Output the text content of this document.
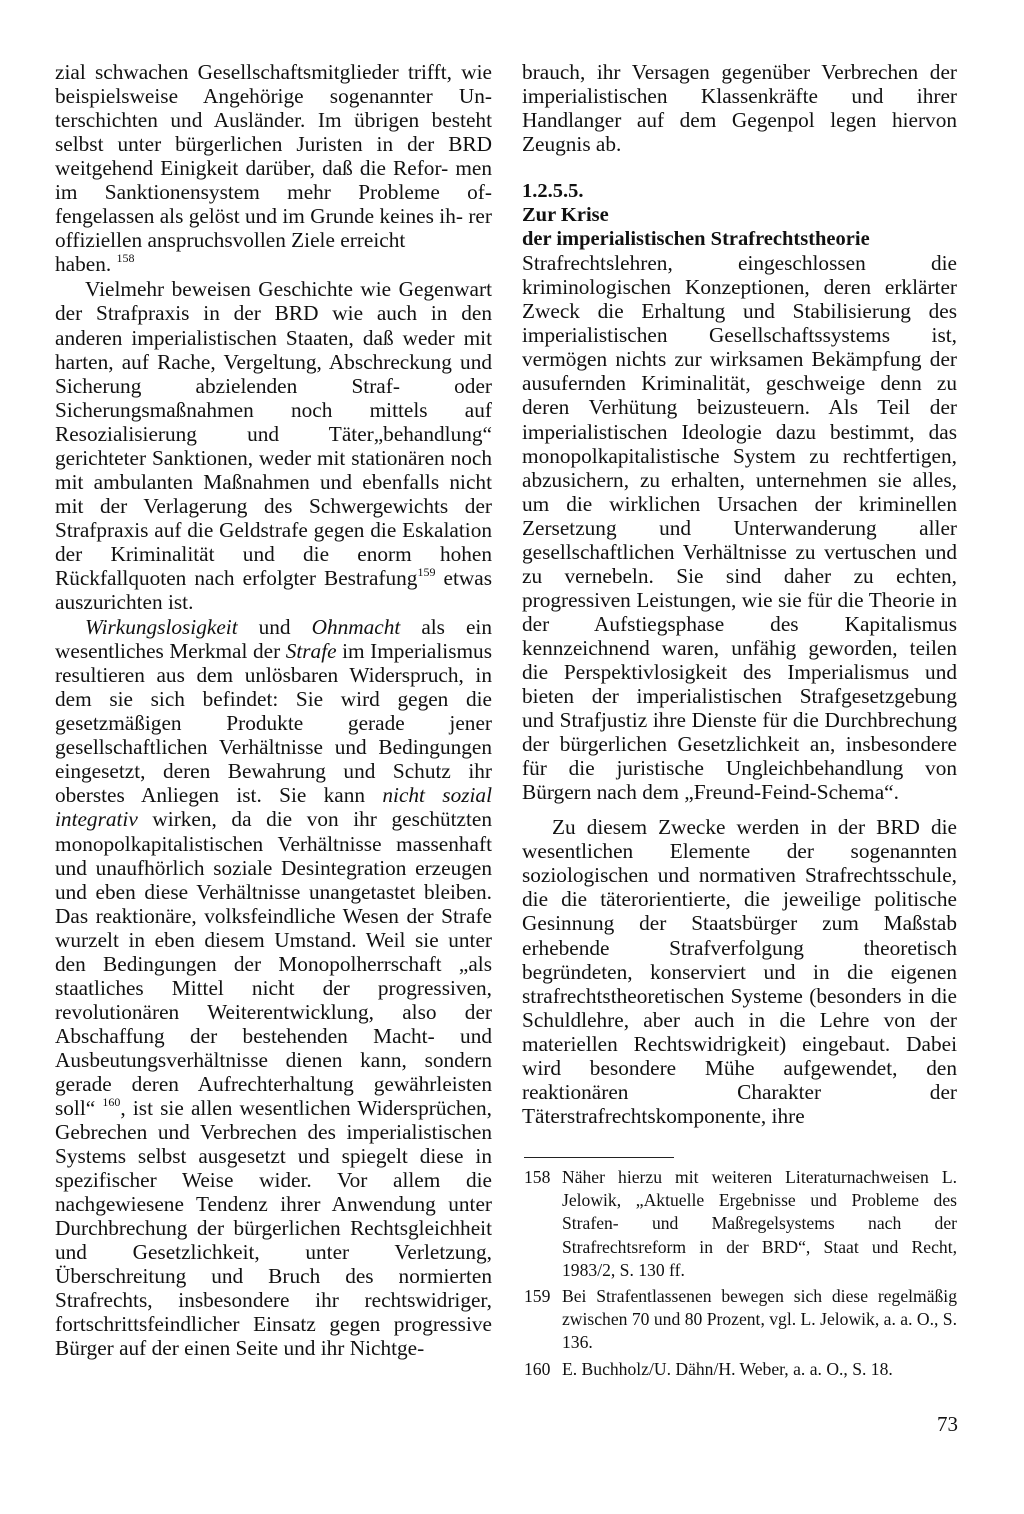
zial schwachen Gesellschaftsmitglieder trifft, wie beispielsweise Angehörige sogenannter Un- terschichten und Ausländer. Im übrigen besteht selbst unter bürgerlichen Juristen in der BRD weitgehend Einigkeit darüber, daß die Refor- men im Sanktionensystem mehr Probleme of- fengelassen als gelöst und im Grunde keines ih- rer offiziellen anspruchsvollen Ziele erreicht
haben. $^{158}$

Vielmehr beweisen Geschichte wie Gegenwart der Strafpraxis in der BRD wie auch in den anderen imperialistischen Staaten, daß weder mit harten, auf Rache, Vergeltung, Abschreckung und Sicherung abzielenden Straf- oder Sicherungsmaßnahmen noch mittels auf Resozialisierung und Täter„behandlung“ gerichteter Sanktionen, weder mit stationären noch mit ambulanten Maßnahmen und ebenfalls nicht mit der Verlagerung des Schwergewichts der Strafpraxis auf die Geldstrafe gegen die Eskalation der Kriminalität und die enorm hohen Rückfallquoten nach erfolgter Bestrafung$^{159}$ etwas auszurichten ist.

Wirkungslosigkeit und Ohnmacht als ein wesentliches Merkmal der Strafe im Imperialismus resultieren aus dem unlösbaren Widerspruch, in dem sie sich befindet: Sie wird gegen die gesetzmäßigen Produkte gerade jener gesellschaftlichen Verhältnisse und Bedingungen eingesetzt, deren Bewahrung und Schutz ihr oberstes Anliegen ist. Sie kann nicht sozial integrativ wirken, da die von ihr geschützten monopolkapitalistischen Verhältnisse massenhaft und unaufhörlich soziale Desintegration erzeugen und eben diese Verhältnisse unangetastet bleiben. Das reaktionäre, volksfeindliche Wesen der Strafe wurzelt in eben diesem Umstand. Weil sie unter den Bedingungen der Monopolherrschaft „als staatliches Mittel nicht der progressiven, revolutionären Weiterentwicklung, also der Abschaffung der bestehenden Macht- und Ausbeutungsverhältnisse dienen kann, sondern gerade deren Aufrechterhaltung gewährleisten soll“ $^{160}$, ist sie allen wesentlichen Widersprüchen, Gebrechen und Verbrechen des imperialistischen Systems selbst ausgesetzt und spiegelt diese in spezifischer Weise wider. Vor allem die nachgewiesene Tendenz ihrer Anwendung unter Durchbrechung der bürgerlichen Rechtsgleichheit und Gesetzlichkeit, unter Verletzung, Überschreitung und Bruch des normierten Strafrechts, insbesondere ihr rechtswidriger, fortschrittsfeindlicher Einsatz gegen progressive Bürger auf der einen Seite und ihr Nichtge-

brauch, ihr Versagen gegenüber Verbrechen der imperialistischen Klassenkräfte und ihrer Handlanger auf dem Gegenpol legen hiervon Zeugnis ab.

1.2.5.5.
Zur Krise
der imperialistischen Strafrechtstheorie

Strafrechtslehren, eingeschlossen die kriminologischen Konzeptionen, deren erklärter Zweck die Erhaltung und Stabilisierung des imperialistischen Gesellschaftssystems ist, vermögen nichts zur wirksamen Bekämpfung der ausufernden Kriminalität, geschweige denn zu deren Verhütung beizusteuern. Als Teil der imperialistischen Ideologie dazu bestimmt, das monopolkapitalistische System zu rechtfertigen, abzusichern, zu erhalten, unternehmen sie alles, um die wirklichen Ursachen der kriminellen Zersetzung und Unterwanderung aller gesellschaftlichen Verhältnisse zu vertuschen und zu vernebeln. Sie sind daher zu echten, progressiven Leistungen, wie sie für die Theorie in der Aufstiegsphase des Kapitalismus kennzeichnend waren, unfähig geworden, teilen die Perspektivlosigkeit des Imperialismus und bieten der imperialistischen Strafgesetzgebung und Strafjustiz ihre Dienste für die Durchbrechung der bürgerlichen Gesetzlichkeit an, insbesondere für die juristische Ungleichbehandlung von Bürgern nach dem „Freund-Feind-Schema“.

Zu diesem Zwecke werden in der BRD die wesentlichen Elemente der sogenannten soziologischen und normativen Strafrechtsschule, die die täterorientierte, die jeweilige politische Gesinnung der Staatsbürger zum Maßstab erhebende Strafverfolgung theoretisch begründeten, konserviert und in die eigenen strafrechtstheoretischen Systeme (besonders in die Schuldlehre, aber auch in die Lehre von der materiellen Rechtswidrigkeit) eingebaut. Dabei wird besondere Mühe aufgewendet, den reaktionären Charakter der Täterstrafrechtskomponente, ihre

158 Näher hierzu mit weiteren Literaturnachweisen L. Jelowik, „Aktuelle Ergebnisse und Probleme des Strafen- und Maßregelsystems nach der Strafrechtsreform in der BRD“, Staat und Recht, 1983/2, S. 130 ff.
159 Bei Strafentlassenen bewegen sich diese regelmäßig zwischen 70 und 80 Prozent, vgl. L. Jelowik, a. a. O., S. 136.
160 E. Buchholz/U. Dähn/H. Weber, a. a. O., S. 18.
73
